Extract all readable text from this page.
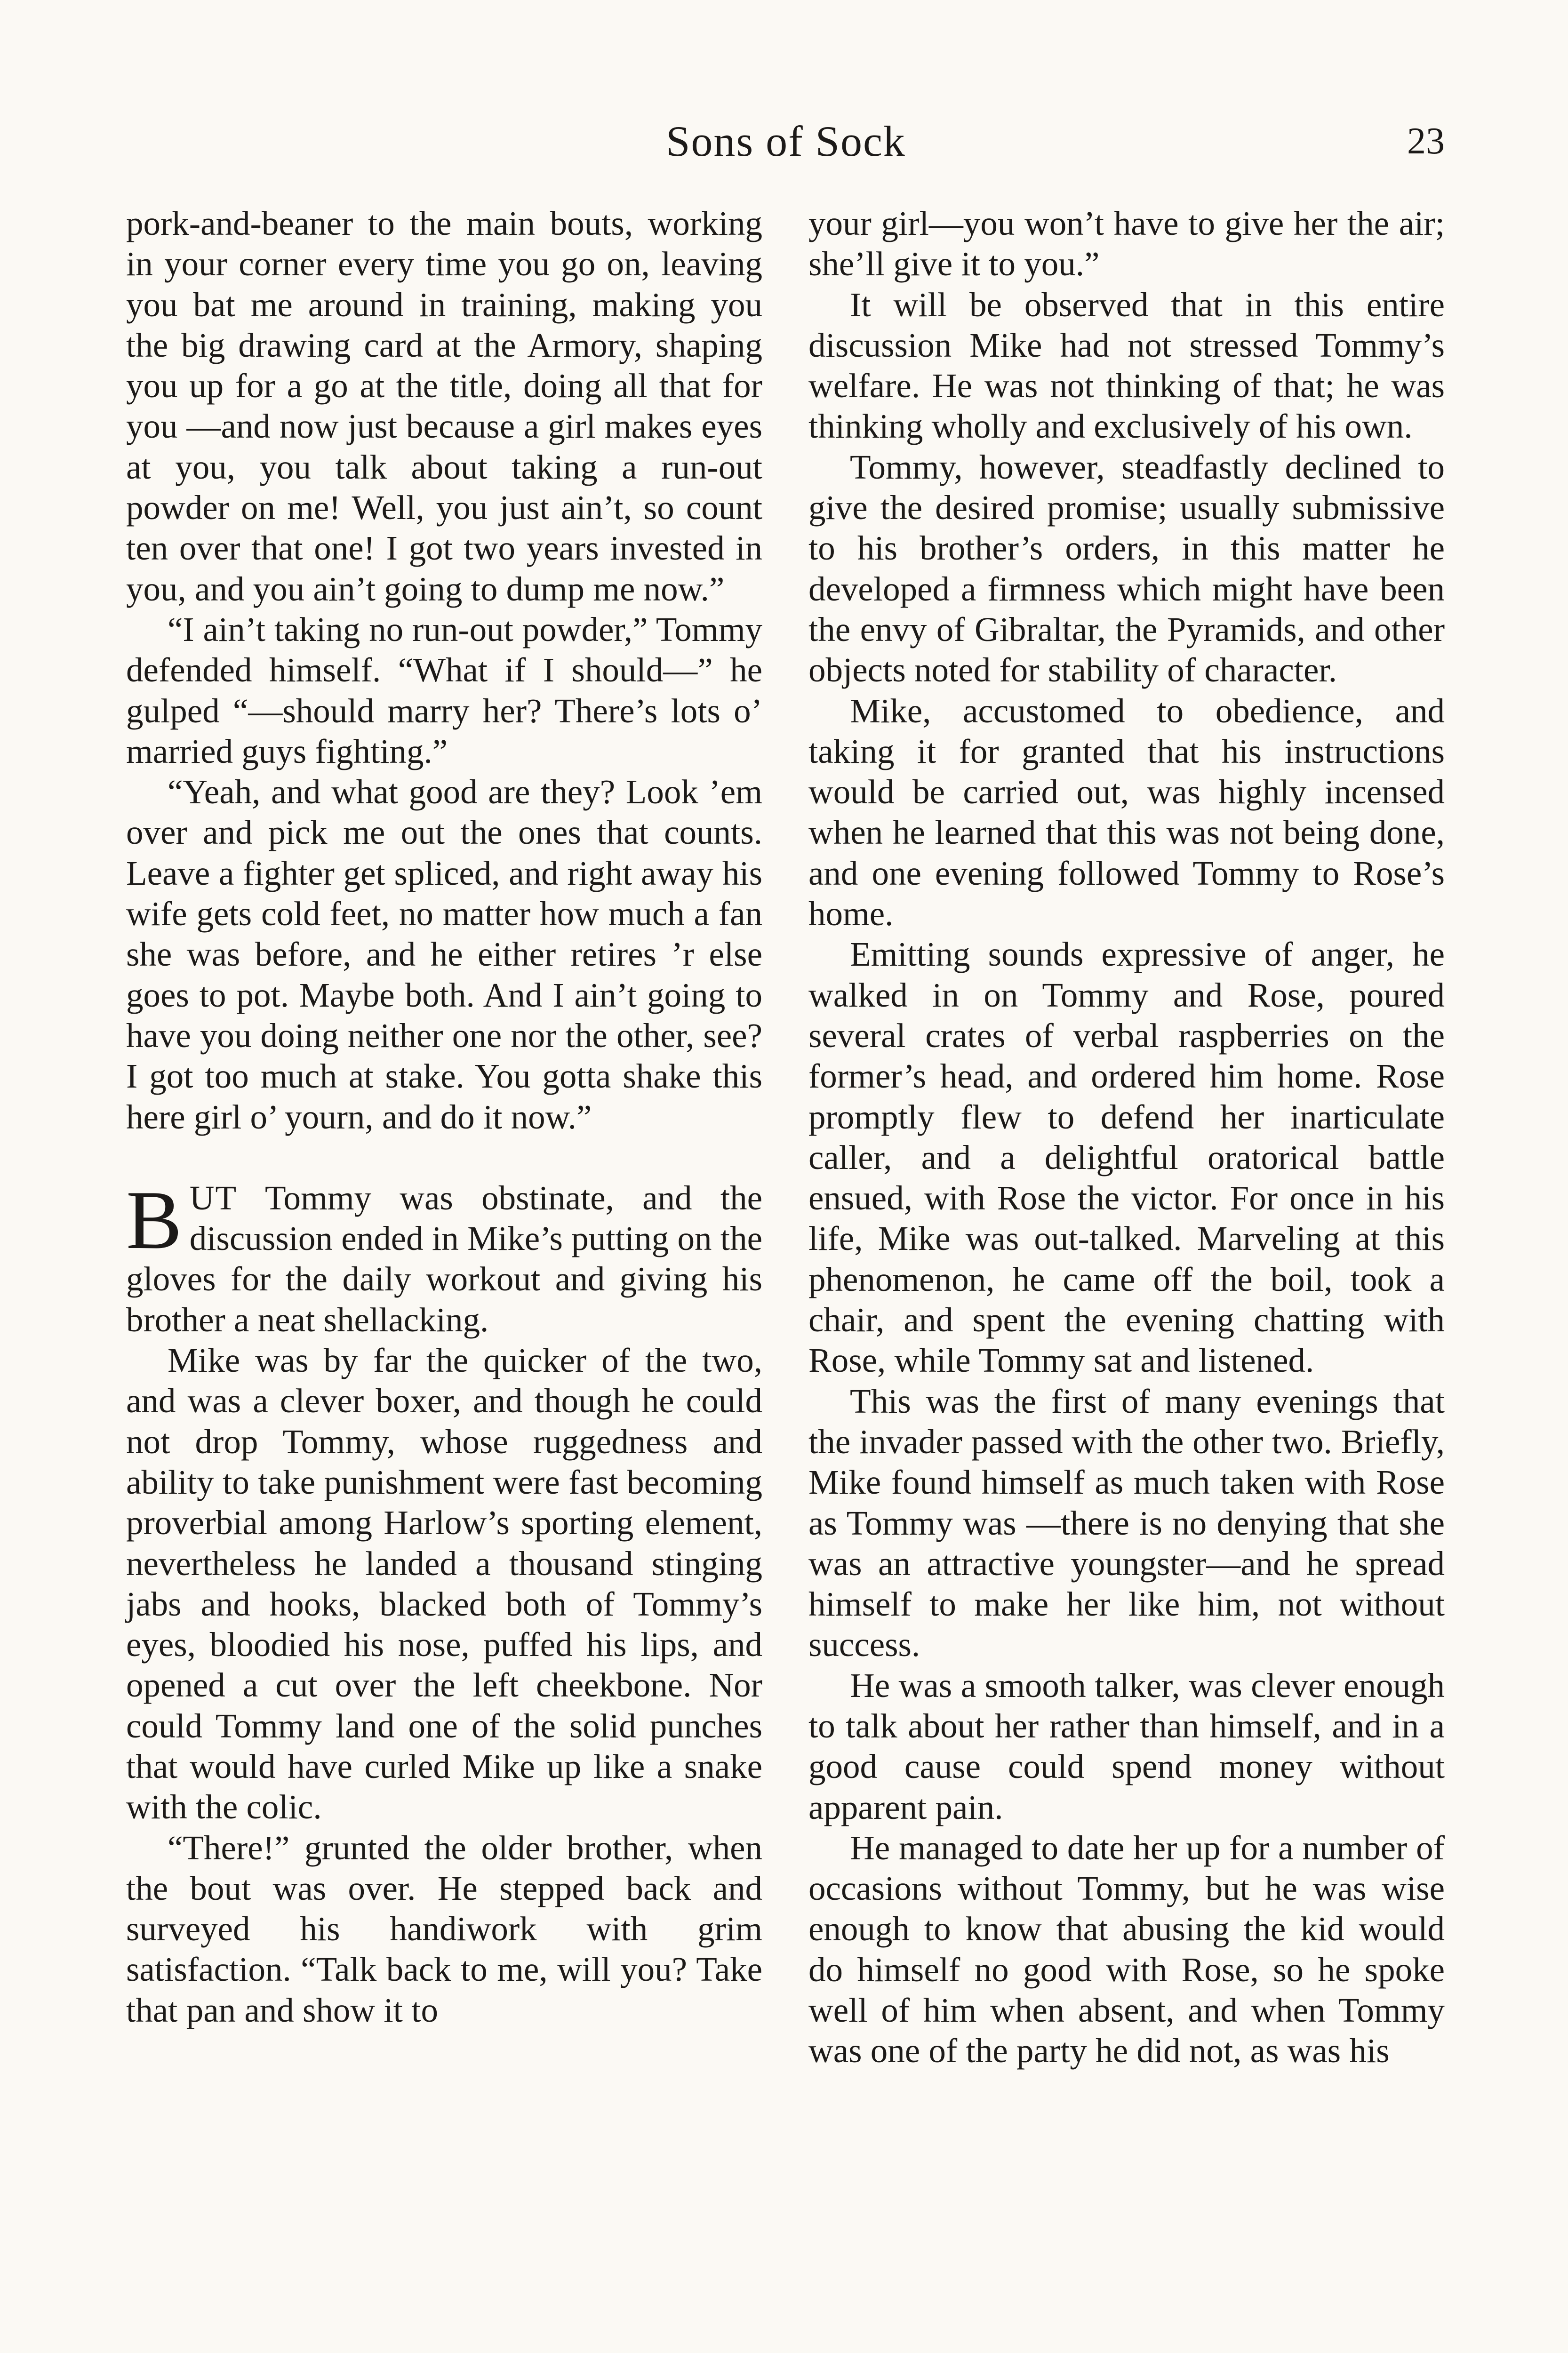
Sons of Sock	23

pork-and-beaner to the main bouts, working in your corner every time you go on, leaving you bat me around in training, making you the big drawing card at the Armory, shaping you up for a go at the title, doing all that for you —and now just because a girl makes eyes at you, you talk about taking a run-out powder on me! Well, you just ain’t, so count ten over that one! I got two years invested in you, and you ain’t going to dump me now.”

“I ain’t taking no run-out powder,” Tommy defended himself. “What if I should—” he gulped “—should marry her? There’s lots o’ married guys fighting.”

“Yeah, and what good are they? Look ’em over and pick me out the ones that counts. Leave a fighter get spliced, and right away his wife gets cold feet, no matter how much a fan she was before, and he either retires ’r else goes to pot. Maybe both. And I ain’t going to have you doing neither one nor the other, see? I got too much at stake. You gotta shake this here girl o’ yourn, and do it now.”

BUT Tommy was obstinate, and the discussion ended in Mike’s putting on the gloves for the daily workout and giving his brother a neat shellacking.

Mike was by far the quicker of the two, and was a clever boxer, and though he could not drop Tommy, whose ruggedness and ability to take punishment were fast becoming proverbial among Harlow’s sporting element, nevertheless he landed a thousand stinging jabs and hooks, blacked both of Tommy’s eyes, bloodied his nose, puffed his lips, and opened a cut over the left cheekbone. Nor could Tommy land one of the solid punches that would have curled Mike up like a snake with the colic.

“There!” grunted the older brother, when the bout was over. He stepped back and surveyed his handiwork with grim satisfaction. “Talk back to me, will you? Take that pan and show it to

your girl—you won’t have to give her the air; she’ll give it to you.”

It will be observed that in this entire discussion Mike had not stressed Tommy’s welfare. He was not thinking of that; he was thinking wholly and exclusively of his own.

Tommy, however, steadfastly declined to give the desired promise; usually submissive to his brother’s orders, in this matter he developed a firmness which might have been the envy of Gibraltar, the Pyramids, and other objects noted for stability of character.

Mike, accustomed to obedience, and taking it for granted that his instructions would be carried out, was highly incensed when he learned that this was not being done, and one evening followed Tommy to Rose’s home.

Emitting sounds expressive of anger, he walked in on Tommy and Rose, poured several crates of verbal raspberries on the former’s head, and ordered him home. Rose promptly flew to defend her inarticulate caller, and a delightful oratorical battle ensued, with Rose the victor. For once in his life, Mike was out-talked. Marveling at this phenomenon, he came off the boil, took a chair, and spent the evening chatting with Rose, while Tommy sat and listened.

This was the first of many evenings that the invader passed with the other two. Briefly, Mike found himself as much taken with Rose as Tommy was —there is no denying that she was an attractive youngster—and he spread himself to make her like him, not without success.

He was a smooth talker, was clever enough to talk about her rather than himself, and in a good cause could spend money without apparent pain.

He managed to date her up for a number of occasions without Tommy, but he was wise enough to know that abusing the kid would do himself no good with Rose, so he spoke well of him when absent, and when Tommy was one of the party he did not, as was his
